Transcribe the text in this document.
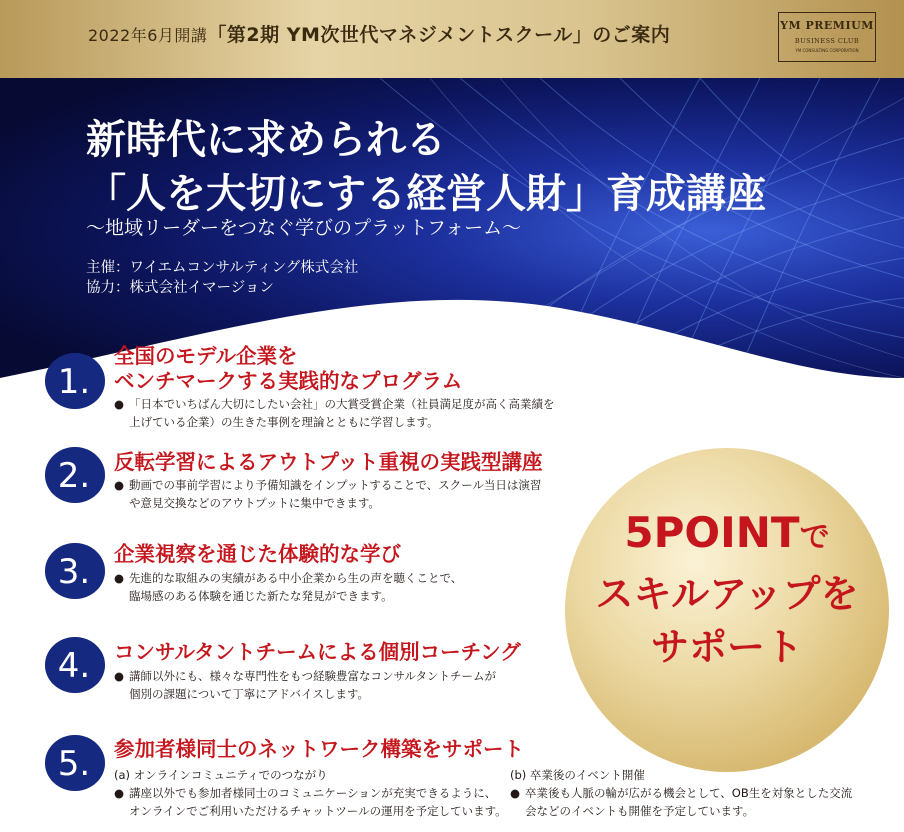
2022年6月開講「第2期 YM次世代マネジメントスクール」のご案内	YM PREMIUM
BUSINESS CLUB
YM CONSULTING CORPORATION
新時代に求められる
「人を大切にする経営人財」育成講座
〜地域リーダーをつなぐ学びのプラットフォーム〜
主催：ワイエムコンサルティング株式会社
協力：株式会社イマージョン
1.
全国のモデル企業を
ベンチマークする実践的なプログラム
● 「日本でいちばん大切にしたい会社」の大賞受賞企業（社員満足度が高く高業績を
上げている企業）の生きた事例を理論とともに学習します。
2. 反転学習によるアウトプット重視の実践型講座
● 動画での事前学習により予備知識をインプットすることで、スクール当日は演習
や意見交換などのアウトプットに集中できます。
3. 企業視察を通じた体験的な学び
● 先進的な取組みの実績がある中小企業から生の声を聴くことで、
臨場感のある体験を通じた新たな発見ができます。
4. コンサルタントチームによる個別コーチング
● 講師以外にも、様々な専門性をもつ経験豊富なコンサルタントチームが
個別の課題について丁寧にアドバイスします。
5. 参加者様同士のネットワーク構築をサポート
(a) オンラインコミュニティでのつながり
● 講座以外でも参加者様同士のコミュニケーションが充実できるように、
オンラインでご利用いただけるチャットツールの運用を予定しています。
(b) 卒業後のイベント開催
● 卒業後も人脈の輪が広がる機会として、OB生を対象とした交流
会などのイベントも開催を予定しています。
5POINTで
スキルアップを
サポート
